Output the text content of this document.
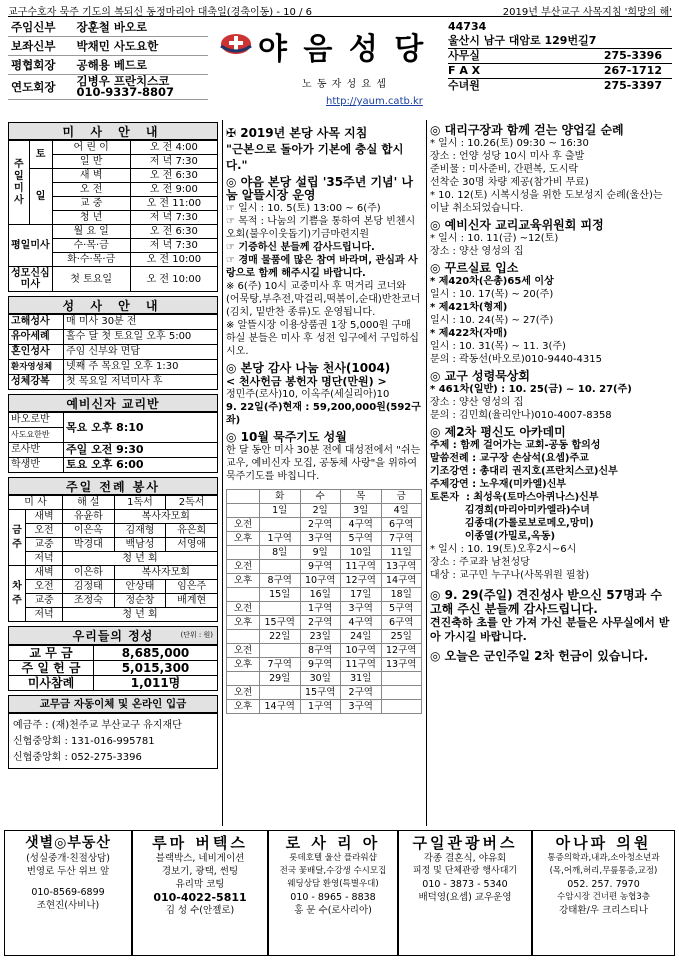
교구수호자 묵주 기도의 복되신 동정마리아 대축일(경축이동) - 10 / 6	2019년 부산교구 사목지침 '희망의 해'
주임신부	장훈철 바오로
보좌신부	박채민 사도요한
평협회장	공해용 베드로
연도회장	김병우 프란치스코
010-9337-8807
야 음 성 당
노 동 자 성 요 셉
http://yaum.catb.kr
44734
울산시 남구 대암로 129번길7
사무실	275-3396
F A X	267-1712
수녀원	275-3397
미 사 안 내
주일미사	토	어 린 이	오 전 4:00
		일 반	저 녁 7:30
	일	새 벽	오 전 6:30
		오 전	오 전 9:00
		교 중	오 전 11:00
		청 년	저 녁 7:30
평일미사		월 요 일	오 전 6:30
		수·목·금	저 녁 7:30
		화·수·목·금	오 전 10:00
성모신심미사		첫 토요일	오 전 10:00
성 사 안 내
고해성사	매 미사 30분 전
유아세례	홀수 달 첫 토요일 오후 5:00
혼인성사	주임 신부와 면담
환자영성체	넷째 주 목요일 오후 1:30
성체강복	첫 목요일 저녁미사 후
예비신자 교리반
바오로반	목요 오후 8:10
사도요한반	
로사반	주일 오전 9:30
학생반	토요 오후 6:00
주일 전례 봉사
미 사		해 설	1독서	2독서
금주	새벽	유윤하	복사자모회	
	오전	이은옥	김재형	유은희
	교중	박경대	백남성	서영애
	저녁	청 년 회		
차주	새벽	이은하	복사자모회	
	오전	김정태	안상태	임은주
	교중	조정숙	정순창	배계현
	저녁	청 년 회		
우리들의 정성	(단위 : 원)
교 무 금	8,685,000
주 일 헌 금	5,015,300
미사참례	1,011명
교무금 자동이체 및 온라인 입금
예금주 : (재)천주교 부산교구 유지재단
신협중앙회 : 131-016-995781
신협중앙회 : 052-275-3396
✠ 2019년 본당 사목 지침
"근본으로 돌아가 기본에 충실 합시다."
◎ 야음 본당 설립 '35주년 기념' 나눔 알뜰시장 운영

☞ 일시 : 10. 5(토) 13:00 ~ 6(주)

☞ 목적 : 나눔의 기쁨을 통하여 본당 빈첸시오회(불우이웃돕기)기금마련지원

☞ 기증하신 분들께 감사드립니다.

☞ 경매 물품에 많은 참여 바라며, 관심과 사랑으로 함께 해주시길 바랍니다.

※ 6(주) 10시 교중미사 후 먹거리 코너와 (어묵탕,부추전,막걸리,떡볶이,순대)반찬코너 (김치, 밑반찬 종류)도 운영됩니다.

※ 알뜰시장 이용상품권 1장 5,000원 구매 하실 분들은 미사 후 성전 입구에서 구입하십시오.

◎ 본당 감사 나눔 천사(1004)

< 천사헌금 봉헌자 명단(만원) >

정민주(로사)10, 이옥주(세실리아)10

9. 22일(주)현재 : 59,200,000원(592구좌)

◎ 10월 묵주기도 성월

한 달 동안 미사 30분 전에 대성전에서 "쉬는교우, 예비신자 모집, 공동체 사랑"을 위하여 묵주기도를 바칩니다.

	화	수	목	금
	1일	2일	3일	4일
오전		2구역	4구역	6구역
오후	1구역	3구역	5구역	7구역
	8일	9일	10일	11일
오전		9구역	11구역	13구역
오후	8구역	10구역	12구역	14구역
	15일	16일	17일	18일
오전		1구역	3구역	5구역
오후	15구역	2구역	4구역	6구역
	22일	23일	24일	25일
오전		8구역	10구역	12구역
오후	7구역	9구역	11구역	13구역
	29일	30일	31일	
오전		15구역	2구역	
오후	14구역	1구역	3구역	
◎ 대리구장과 함께 걷는 양업길 순례

* 일시 : 10.26(토) 09:30 ~ 16:30

장소 : 언양 성당 10시 미사 후 출발

준비물 : 미사준비, 간편복, 도시락

선착순 30명 차량 제공(참가비 무료)

* 10. 12(토) 시복시성을 위한 도보성지 순례(울산)는 이날 취소되었습니다.

◎ 예비신자 교리교육위원회 피정

* 일시 : 10. 11(금) ~12(토)

장소 : 양산 영성의 집

◎ 꾸르실료 입소

* 제420차(은총)65세 이상

일시 : 10. 17(목) ~ 20(주)

* 제421차(형제)

일시 : 10. 24(목) ~ 27(주)

* 제422차(자매)

일시 : 10. 31(목) ~ 11. 3(주)

문의 : 곽동선(바오로)010-9440-4315

◎ 교구 성령묵상회

* 461차(일반) : 10. 25(금) ~ 10. 27(주)

장소 : 양산 영성의 집

문의 : 김민희(율리안나)010-4007-8358

◎ 제2차 평신도 아카데미

주제 : 함께 걸어가는 교회-공동 합의성

말씀전례 : 교구장 손삼석(요셉)주교

기조강연 : 총대리 권지호(프란치스코)신부

주제강연 : 노우재(미카엘)신부

토론자  : 최성욱(토마스아퀴나스)신부

김경희(마리아미카엘라)수녀

김종대(가롤로보로메오,망미)

이종열(가밀로,옥동)

* 일시 : 10. 19(토)오후2시~6시

장소 : 주교좌 남천성당

대상 : 교구민 누구나(사목위원 필참)

◎ 9. 29(주일) 견진성사 받으신 57명과 수고해 주신 분들께 감사드립니다.

견진축하 초를 안 가져 가신 분들은 사무실에서 받아 가시길 바랍니다.

◎ 오늘은 군인주일 2차 헌금이 있습니다.
샛별◎부동산
(성실중개·친절상담)
번영로 두산 위브 앞
010-8569-6899
조현진(사비나)
루마 버텍스
블랙박스, 네비게이션
경보기, 광택, 썬팅
유리막 코팅
010-4022-5811
김 성 수(안젤로)
로 사 리 아
롯데호텔 울산 플라워샵
전국 꽃배달,수강생 수시모집
웨딩상담 환영(특별우대)
010 - 8965 - 8838
홍 문 수(로사리아)
구일관광버스
각종 결혼식, 야유회
피정 및 단체관광 행사대기
010 - 3873 - 5340
배덕영(요셉) 교우운영
아나파 의원
통증의학과,내과,소아청소년과
(목,어깨,허리,무릎통증,교정)
052. 257. 7970
수암시장 건너편 농협3층
강태환/우 크리스티나
